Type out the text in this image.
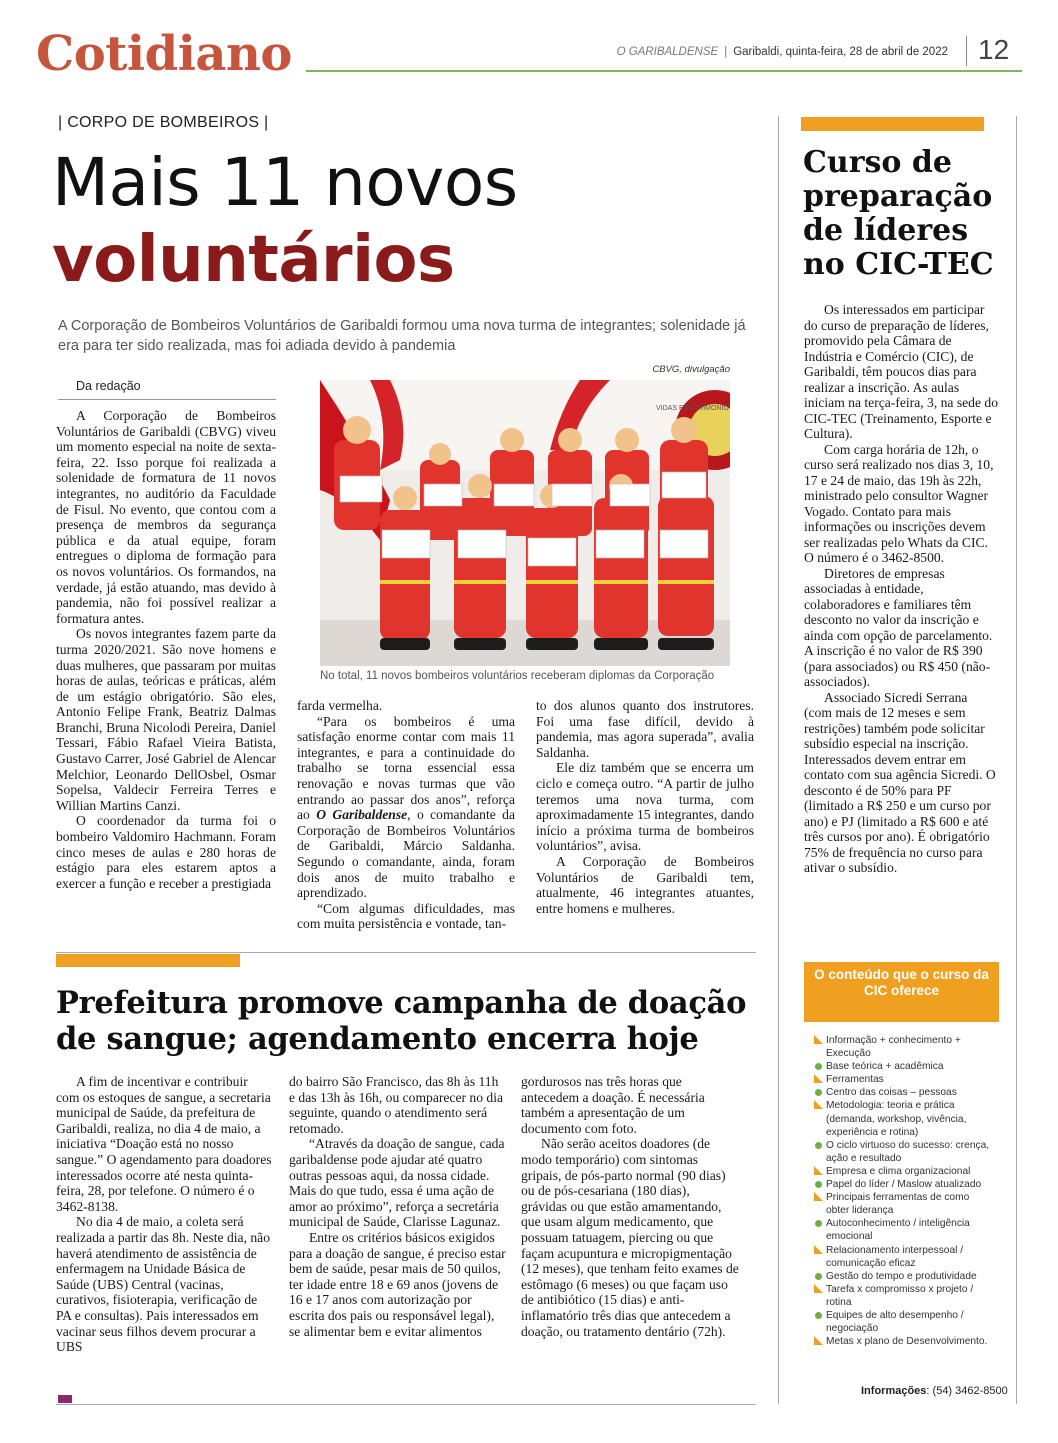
Cotidiano	O GARIBALDENSE | Garibaldi, quinta-feira, 28 de abril de 2022 12
| CORPO DE BOMBEIROS |
Mais 11 novos
voluntários
A Corporação de Bombeiros Voluntários de Garibaldi formou uma nova turma de integrantes; solenidade já era para ter sido realizada, mas foi adiada devido à pandemia
Da redação

A Corporação de Bombeiros Voluntários de Garibaldi (CBVG) viveu um momento especial na noite de sexta-feira, 22. Isso porque foi realizada a solenidade de formatura de 11 novos integrantes, no auditório da Faculdade de Fisul. No evento, que contou com a presença de membros da segurança pública e da atual equipe, foram entregues o diploma de formação para os novos voluntários. Os formandos, na verdade, já estão atuando, mas devido à pandemia, não foi possível realizar a formatura antes.

Os novos integrantes fazem parte da turma 2020/2021. São nove homens e duas mulheres, que passaram por muitas horas de aulas, teóricas e práticas, além de um estágio obrigatório. São eles, Antonio Felipe Frank, Beatriz Dalmas Branchi, Bruna Nicolodi Pereira, Daniel Tessari, Fábio Rafael Vieira Batista, Gustavo Carrer, José Gabriel de Alencar Melchior, Leonardo DellOsbel, Osmar Sopelsa, Valdecir Ferreira Terres e Willian Martins Canzi.

O coordenador da turma foi o bombeiro Valdomiro Hachmann. Foram cinco meses de aulas e 280 horas de estágio para eles estarem aptos a exercer a função e receber a prestigiada

CBVG, divulgação
VIDAS E PATRIMÔNIO
No total, 11 novos bombeiros voluntários receberam diplomas da Corporação
farda vermelha.

“Para os bombeiros é uma satisfação enorme contar com mais 11 integrantes, e para a continuidade do trabalho se torna essencial essa renovação e novas turmas que vão entrando ao passar dos anos”, reforça ao O Garibaldense, o comandante da Corporação de Bombeiros Voluntários de Garibaldi, Márcio Saldanha. Segundo o comandante, ainda, foram dois anos de muito trabalho e aprendizado.

“Com algumas dificuldades, mas com muita persistência e vontade, tan-

to dos alunos quanto dos instrutores. Foi uma fase difícil, devido à pandemia, mas agora superada”, avalia Saldanha.

Ele diz também que se encerra um ciclo e começa outro. “A partir de julho teremos uma nova turma, com aproximadamente 15 integrantes, dando início a próxima turma de bombeiros voluntários”, avisa.

A Corporação de Bombeiros Voluntários de Garibaldi tem, atualmente, 46 integrantes atuantes, entre homens e mulheres.

Curso de preparação de líderes no CIC-TEC

Os interessados em participar do curso de preparação de líderes, promovido pela Câmara de Indústria e Comércio (CIC), de Garibaldi, têm poucos dias para realizar a inscrição. As aulas iniciam na terça-feira, 3, na sede do CIC-TEC (Treinamento, Esporte e Cultura).

Com carga horária de 12h, o curso será realizado nos dias 3, 10, 17 e 24 de maio, das 19h às 22h, ministrado pelo consultor Wagner Vogado. Contato para mais informações ou inscrições devem ser realizadas pelo Whats da CIC. O número é o 3462-8500.

Diretores de empresas associadas à entidade, colaboradores e familiares têm desconto no valor da inscrição e ainda com opção de parcelamento. A inscrição é no valor de R$ 390 (para associados) ou R$ 450 (não-associados).

Associado Sicredi Serrana (com mais de 12 meses e sem restrições) também pode solicitar subsídio especial na inscrição. Interessados devem entrar em contato com sua agência Sicredi. O desconto é de 50% para PF (limitado a R$ 250 e um curso por ano) e PJ (limitado a R$ 600 e até três cursos por ano). É obrigatório 75% de frequência no curso para ativar o subsídio.

O conteúdo que o curso da CIC oferece
Informação + conhecimento + Execução
Base teórica + acadêmica
Ferramentas
Centro das coisas – pessoas
Metodologia: teoria e prática (demanda, workshop, vivência, experiência e rotina)
O ciclo virtuoso do sucesso: crença, ação e resultado
Empresa e clima organizacional
Papel do líder / Maslow atualizado
Principais ferramentas de como obter liderança
Autoconhecimento / inteligência emocional
Relacionamento interpessoal / comunicação eficaz
Gestão do tempo e produtividade
Tarefa x compromisso x projeto / rotina
Equipes de alto desempenho / negociação
Metas x plano de Desenvolvimento.
Informações: (54) 3462-8500
Prefeitura promove campanha de doação de sangue; agendamento encerra hoje

A fim de incentivar e contribuir com os estoques de sangue, a secretaria municipal de Saúde, da prefeitura de Garibaldi, realiza, no dia 4 de maio, a iniciativa “Doação está no nosso sangue.” O agendamento para doadores interessados ocorre até nesta quinta-feira, 28, por telefone. O número é o 3462-8138.

No dia 4 de maio, a coleta será realizada a partir das 8h. Neste dia, não haverá atendimento de assistência de enfermagem na Unidade Básica de Saúde (UBS) Central (vacinas, curativos, fisioterapia, verificação de PA e consultas). Pais interessados em vacinar seus filhos devem procurar a UBS

do bairro São Francisco, das 8h às 11h e das 13h às 16h, ou comparecer no dia seguinte, quando o atendimento será retomado.

“Através da doação de sangue, cada garibaldense pode ajudar até quatro outras pessoas aqui, da nossa cidade. Mais do que tudo, essa é uma ação de amor ao próximo”, reforça a secretária municipal de Saúde, Clarisse Lagunaz.

Entre os critérios básicos exigidos para a doação de sangue, é preciso estar bem de saúde, pesar mais de 50 quilos, ter idade entre 18 e 69 anos (jovens de 16 e 17 anos com autorização por escrita dos pais ou responsável legal), se alimentar bem e evitar alimentos

gordurosos nas três horas que antecedem a doação. É necessária também a apresentação de um documento com foto.

Não serão aceitos doadores (de modo temporário) com sintomas gripais, de pós-parto normal (90 dias) ou de pós-cesariana (180 dias), grávidas ou que estão amamentando, que usam algum medicamento, que possuam tatuagem, piercing ou que façam acupuntura e micropigmentação (12 meses), que tenham feito exames de estômago (6 meses) ou que façam uso de antibiótico (15 dias) e anti-inflamatório três dias que antecedem a doação, ou tratamento dentário (72h).
